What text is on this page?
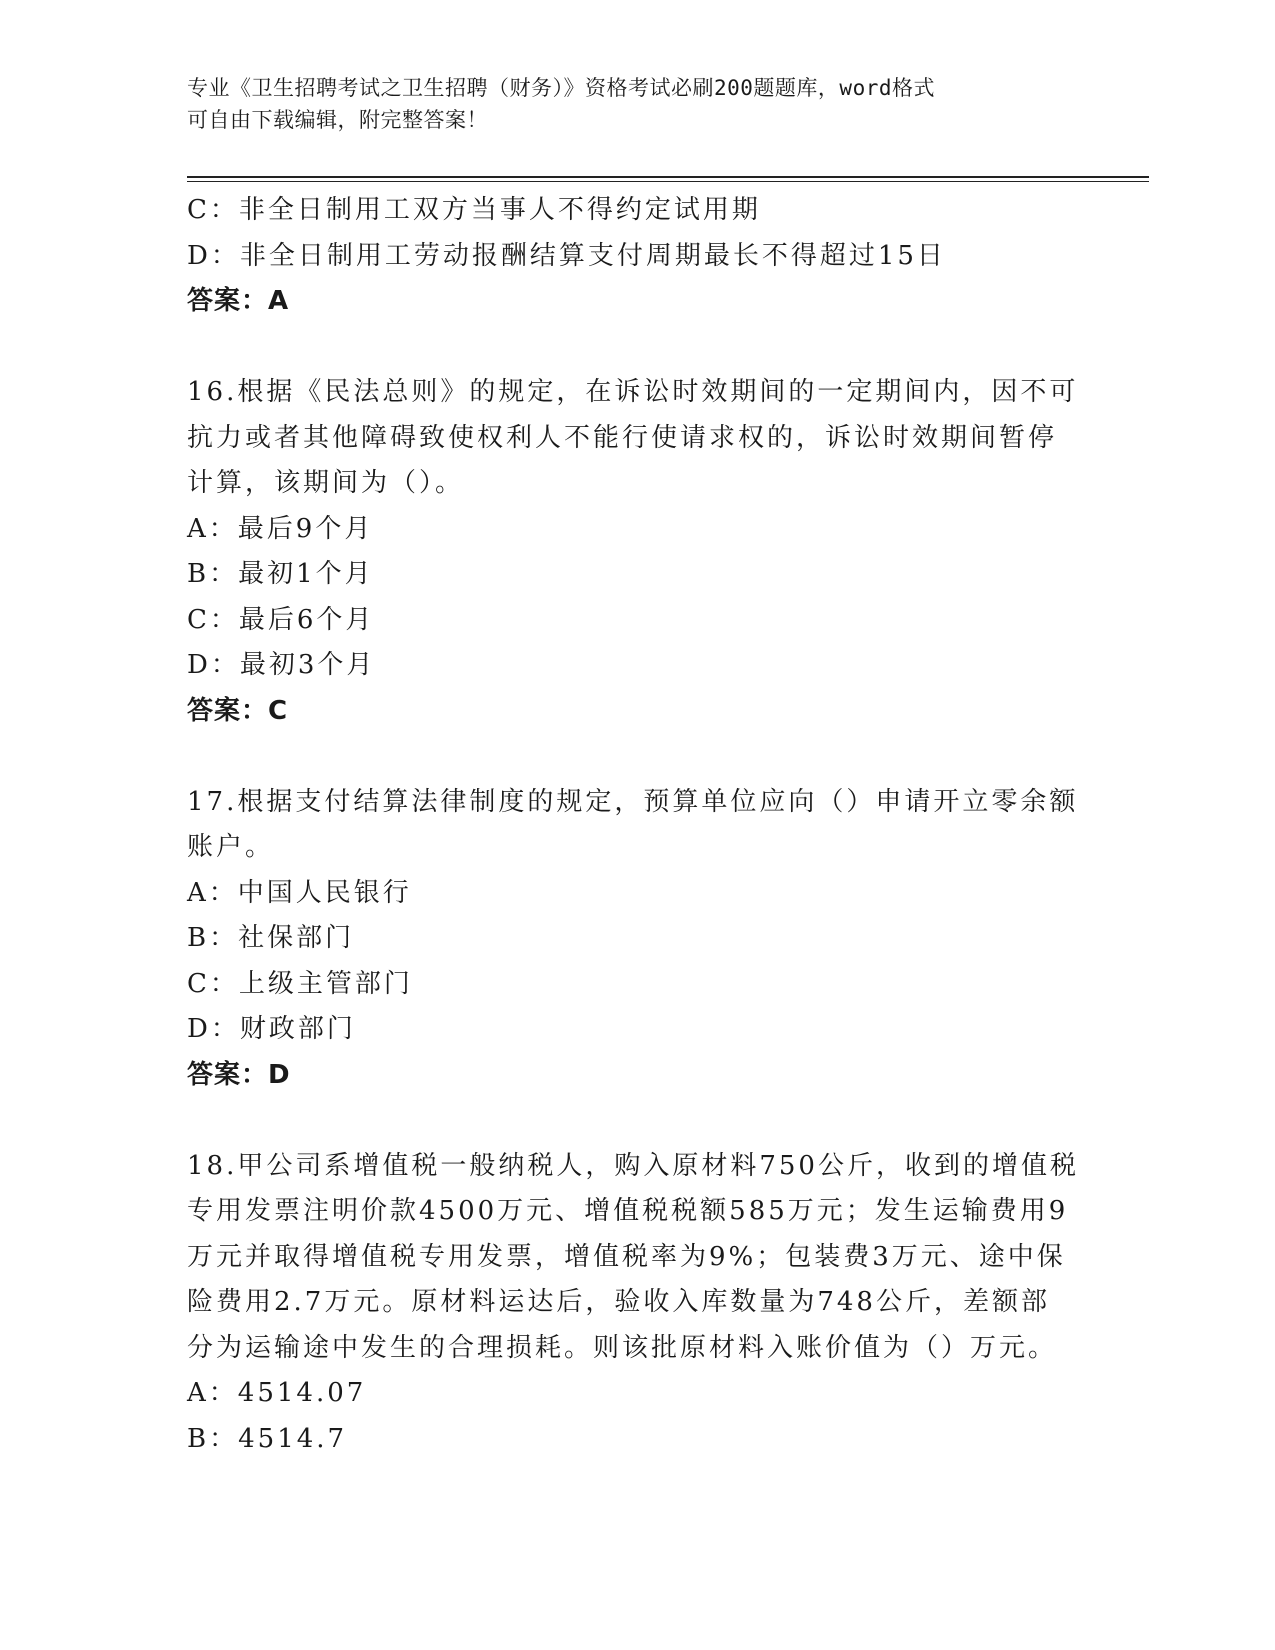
专业《卫生招聘考试之卫生招聘（财务）》资格考试必刷200题题库，word格式
可自由下载编辑，附完整答案！
C：非全日制用工双方当事人不得约定试用期
D：非全日制用工劳动报酬结算支付周期最长不得超过15日
答案：A
16.根据《民法总则》的规定，在诉讼时效期间的一定期间内，因不可
抗力或者其他障碍致使权利人不能行使请求权的，诉讼时效期间暂停
计算，该期间为（）。
A：最后9个月
B：最初1个月
C：最后6个月
D：最初3个月
答案：C
17.根据支付结算法律制度的规定，预算单位应向（）申请开立零余额
账户。
A：中国人民银行
B：社保部门
C：上级主管部门
D：财政部门
答案：D
18.甲公司系增值税一般纳税人，购入原材料750公斤，收到的增值税
专用发票注明价款4500万元、增值税税额585万元；发生运输费用9
万元并取得增值税专用发票，增值税率为9%；包装费3万元、途中保
险费用2.7万元。原材料运达后，验收入库数量为748公斤，差额部
分为运输途中发生的合理损耗。则该批原材料入账价值为（）万元。
A：4514.07
B：4514.7
